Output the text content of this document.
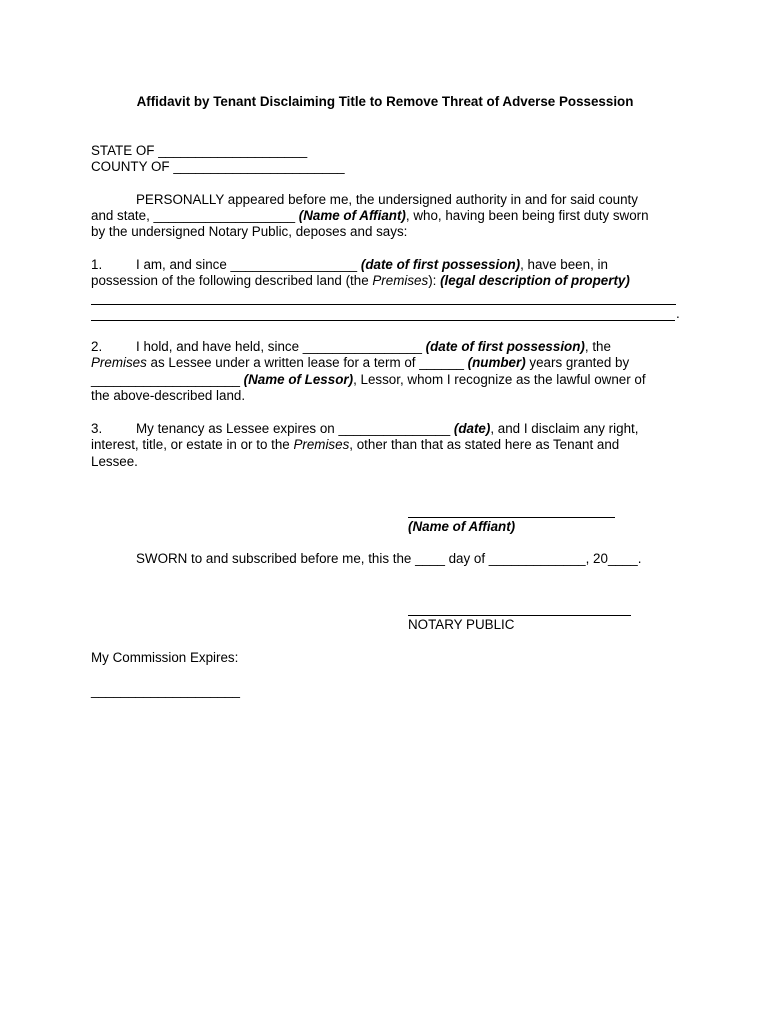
Affidavit by Tenant Disclaiming Title to Remove Threat of Adverse Possession
STATE OF ____________________
COUNTY OF _______________________
PERSONALLY appeared before me, the undersigned authority in and for said county
and state, ___________________ (Name of Affiant), who, having been being first duty sworn
by the undersigned Notary Public, deposes and says:
1.	I am, and since _________________ (date of first possession), have been, in
possession of the following described land (the Premises): (legal description of property)
.
2.	I hold, and have held, since ________________ (date of first possession), the
Premises as Lessee under a written lease for a term of ______ (number) years granted by
____________________ (Name of Lessor), Lessor, whom I recognize as the lawful owner of
the above-described land.
3.	My tenancy as Lessee expires on _______________ (date), and I disclaim any right,
interest, title, or estate in or to the Premises, other than that as stated here as Tenant and
Lessee.
(Name of Affiant)
SWORN to and subscribed before me, this the ____ day of _____________, 20____.
NOTARY PUBLIC
My Commission Expires:
____________________
